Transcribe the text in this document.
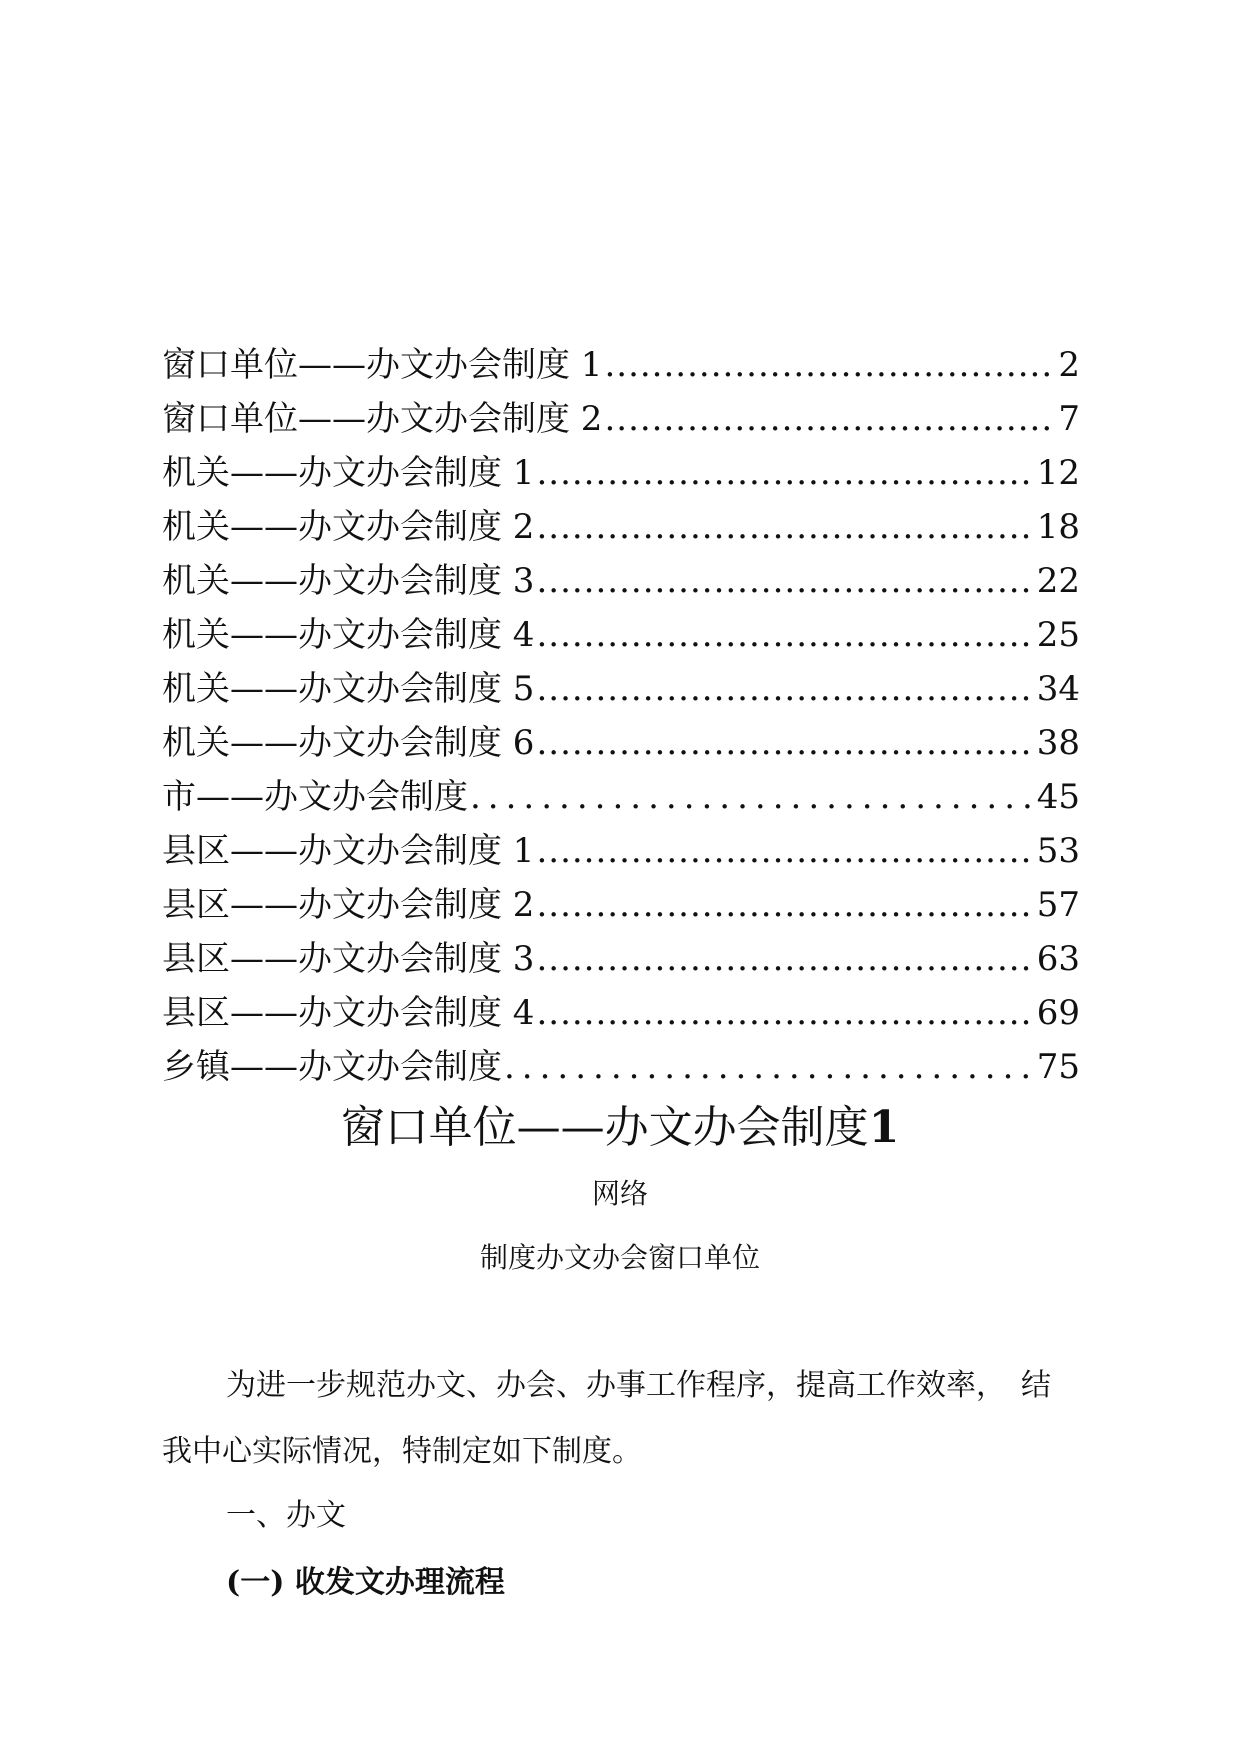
窗口单位——办文办会制度 1 .....	2
窗口单位——办文办会制度 2 .....	7
机关——办文办会制度 1 .....	12
机关——办文办会制度 2 .....	18
机关——办文办会制度 3 .....	22
机关——办文办会制度 4 .....	25
机关——办文办会制度 5 .....	34
机关——办文办会制度 6 .....	38
市——办文办会制度 .....	45
县区——办文办会制度 1 .....	53
县区——办文办会制度 2 .....	57
县区——办文办会制度 3 .....	63
县区——办文办会制度 4 .....	69
乡镇——办文办会制度 .....	75
窗口单位——办文办会制度1
网络
制度办文办会窗口单位

为进一步规范办文、办会、办事工作程序，提高工作效率，　结

我中心实际情况，特制定如下制度。

一、办文
(一) 收发文办理流程
